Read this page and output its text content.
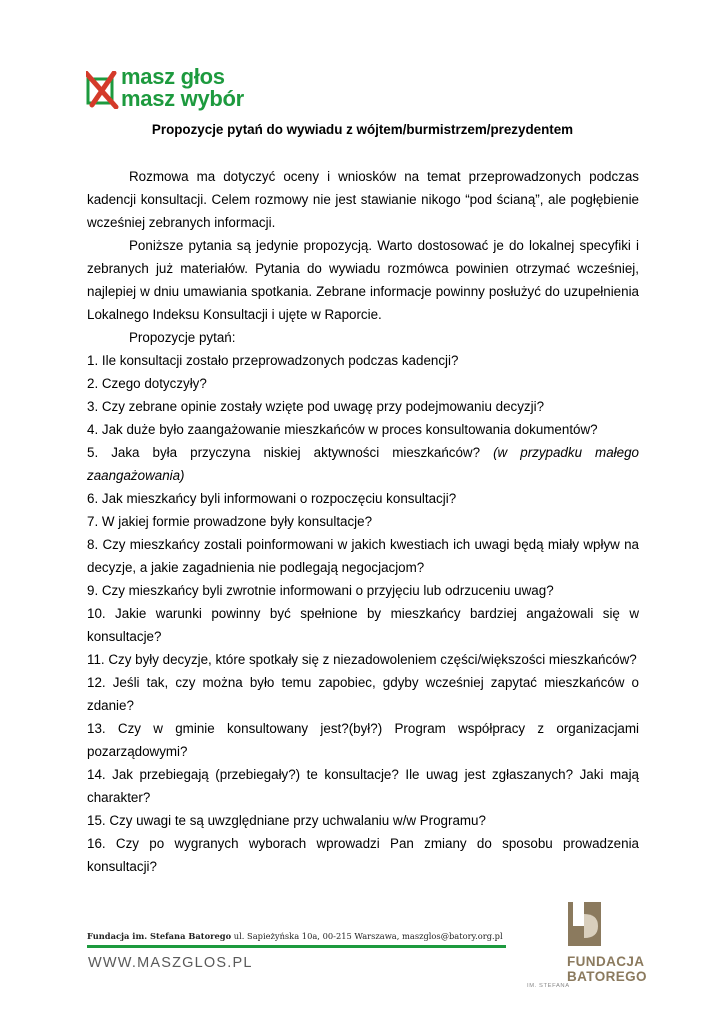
masz głos
masz wybór
Propozycje pytań do wywiadu z wójtem/burmistrzem/prezydentem

Rozmowa ma dotyczyć oceny i wniosków na temat przeprowadzonych podczas kadencji konsultacji. Celem rozmowy nie jest stawianie nikogo “pod ścianą”, ale pogłębienie wcześniej zebranych informacji.

Poniższe pytania są jedynie propozycją. Warto dostosować je do lokalnej specyfiki i zebranych już materiałów. Pytania do wywiadu rozmówca powinien otrzymać wcześniej, najlepiej w dniu umawiania spotkania. Zebrane informacje powinny posłużyć do uzupełnienia Lokalnego Indeksu Konsultacji i ujęte w Raporcie.

Propozycje pytań:

1. Ile konsultacji zostało przeprowadzonych podczas kadencji?

2. Czego dotyczyły?

3. Czy zebrane opinie zostały wzięte pod uwagę przy podejmowaniu decyzji?

4. Jak duże było zaangażowanie mieszkańców w proces konsultowania dokumentów?

5. Jaka była przyczyna niskiej aktywności mieszkańców? (w przypadku małego zaangażowania)

6. Jak mieszkańcy byli informowani o rozpoczęciu konsultacji?

7. W jakiej formie prowadzone były konsultacje?

8. Czy mieszkańcy zostali poinformowani w jakich kwestiach ich uwagi będą miały wpływ na decyzje, a jakie zagadnienia nie podlegają negocjacjom?

9. Czy mieszkańcy byli zwrotnie informowani o przyjęciu lub odrzuceniu uwag?

10. Jakie warunki powinny być spełnione by mieszkańcy bardziej angażowali się w konsultacje?

11. Czy były decyzje, które spotkały się z niezadowoleniem części/większości mieszkańców?

12. Jeśli tak, czy można było temu zapobiec, gdyby wcześniej zapytać mieszkańców o zdanie?

13. Czy w gminie konsultowany jest?(był?) Program współpracy z organizacjami pozarządowymi?

14. Jak przebiegają (przebiegały?) te konsultacje? Ile uwag jest zgłaszanych? Jaki mają charakter?

15. Czy uwagi te są uwzględniane przy uchwalaniu w/w Programu?

16. Czy po wygranych wyborach wprowadzi Pan zmiany do sposobu prowadzenia konsultacji?

Fundacja im. Stefana Batorego ul. Sapieżyńska 10a, 00-215 Warszawa, maszglos@batory.org.pl
WWW.MASZGLOS.PL	FUNDACJA
IM. STEFANA
BATOREGO
